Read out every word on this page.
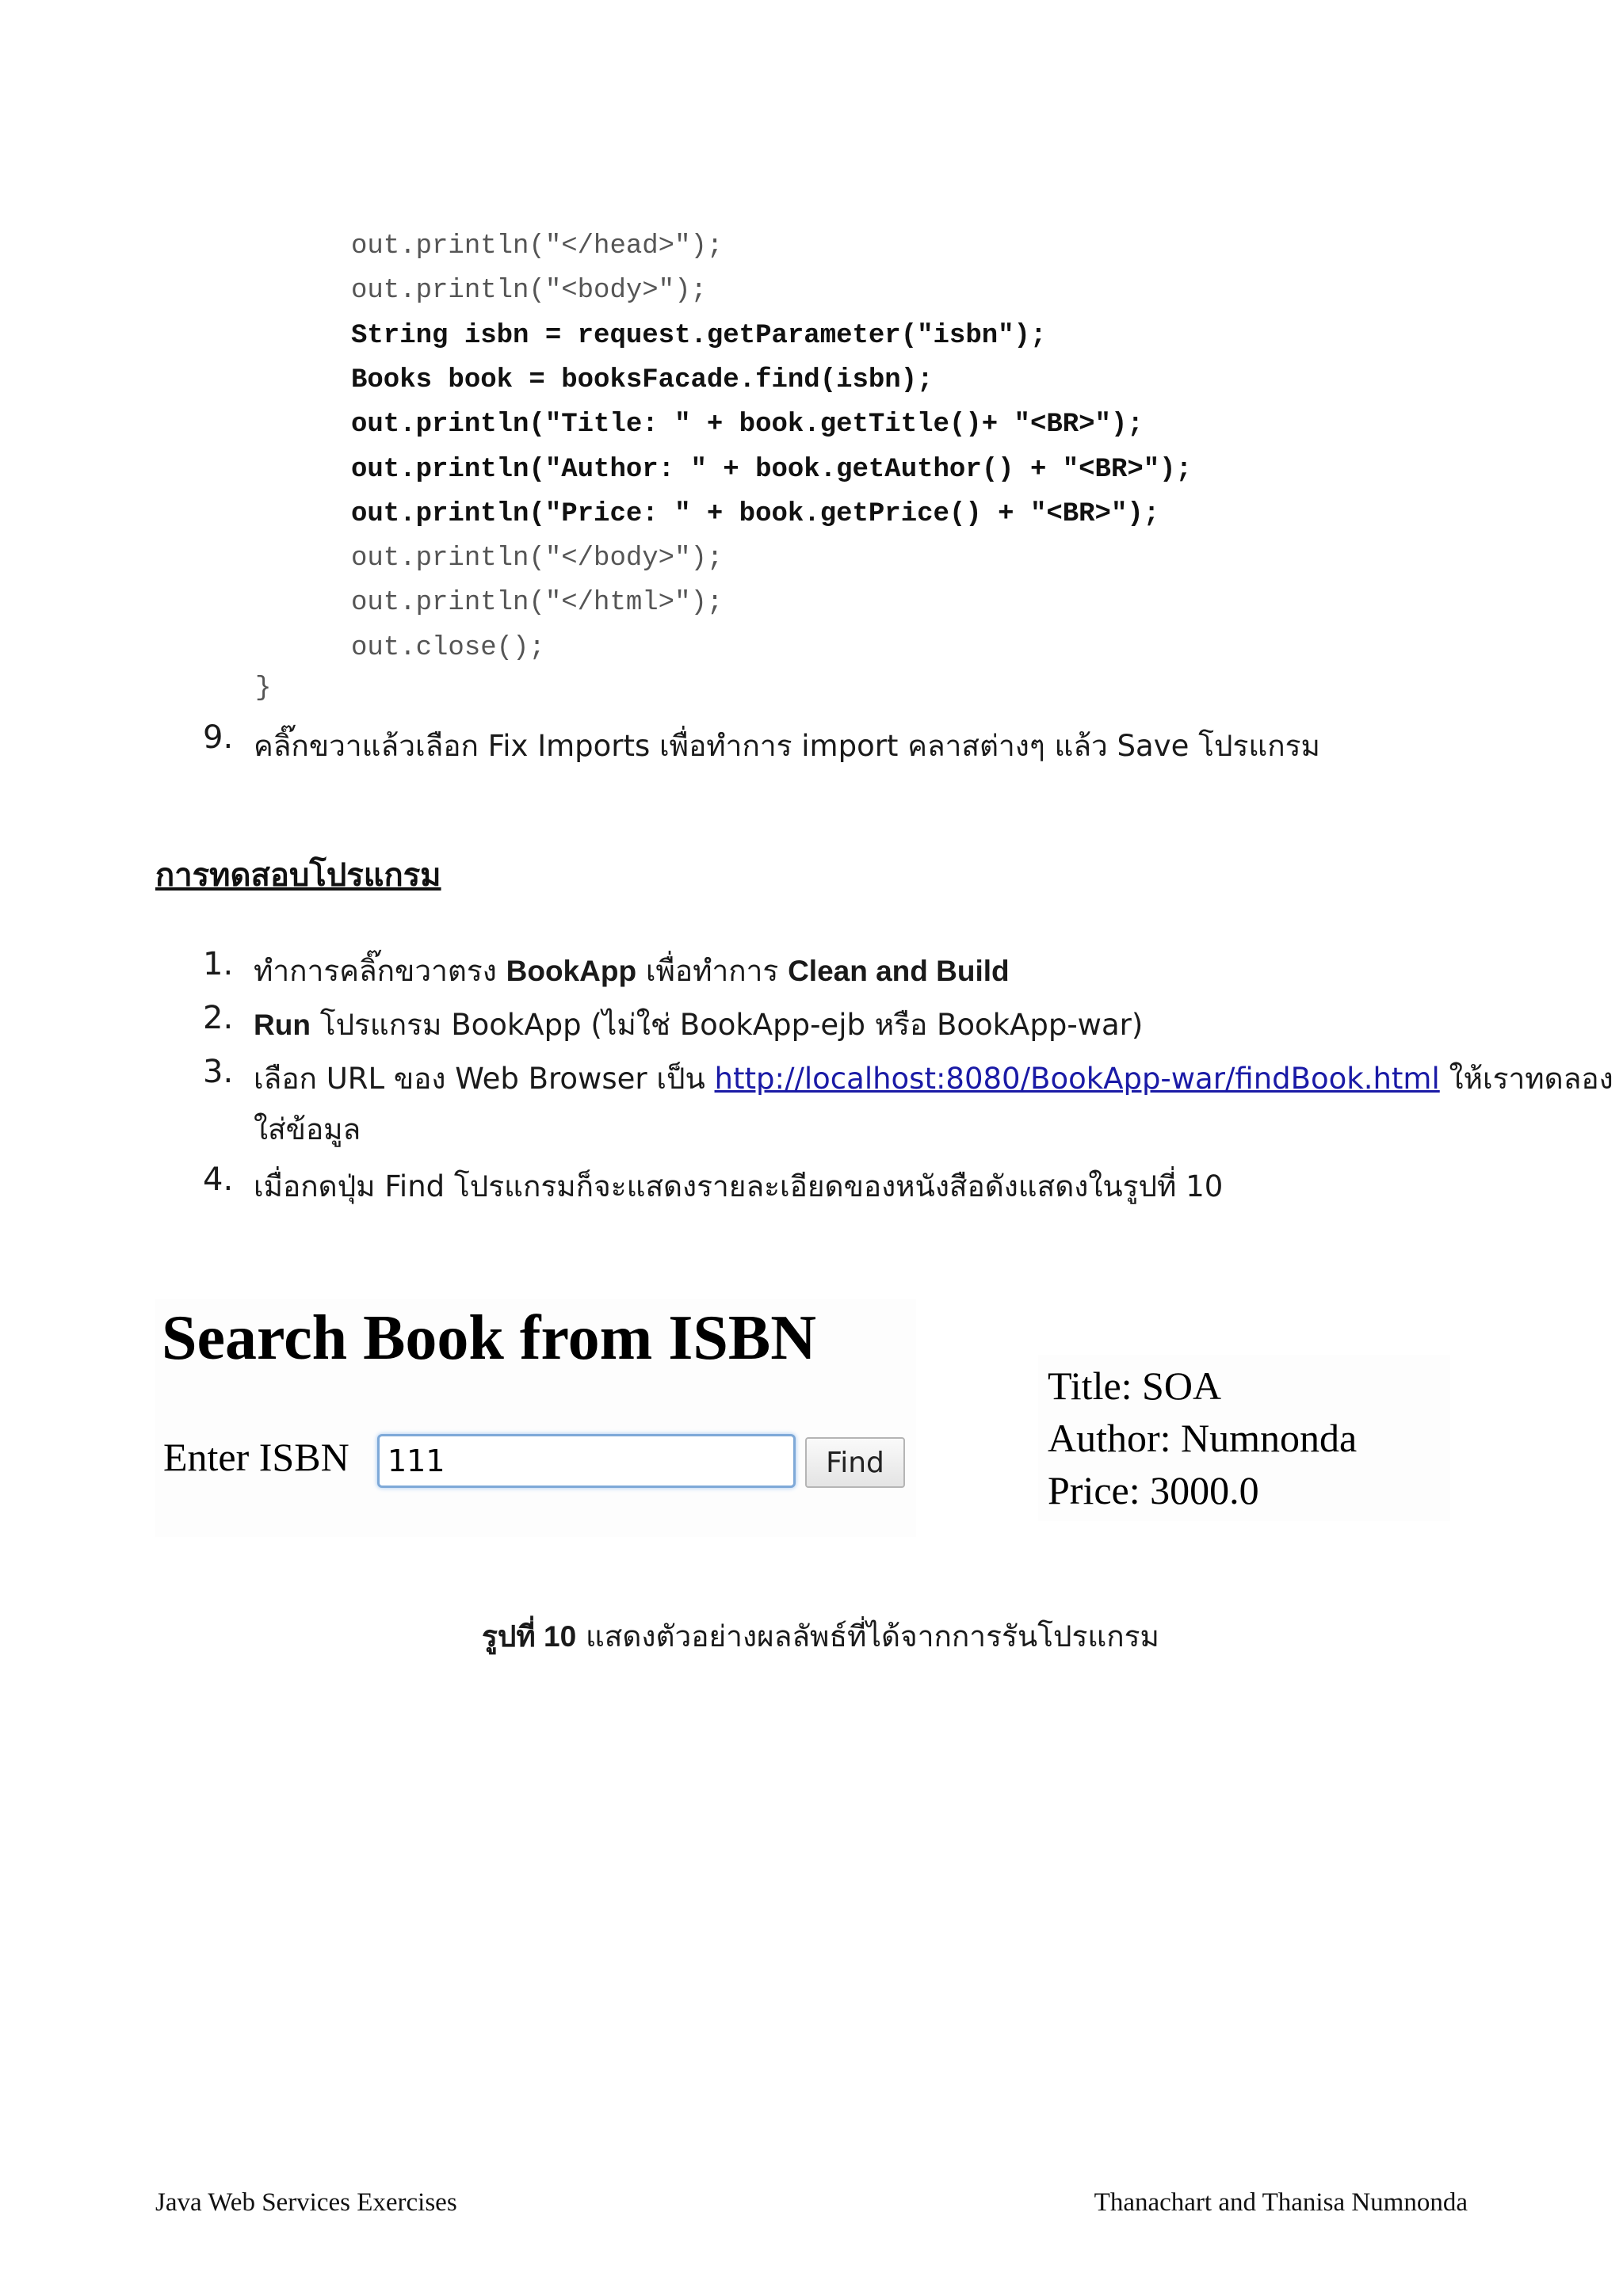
out.println("</head>");
out.println("<body>");
String isbn = request.getParameter("isbn");
Books book = booksFacade.find(isbn);
out.println("Title: " + book.getTitle()+ "<BR>");
out.println("Author: " + book.getAuthor() + "<BR>");
out.println("Price: " + book.getPrice() + "<BR>");
out.println("</body>");
out.println("</html>");
out.close();
}
9. คลิ๊กขวาแล้วเลือก Fix Imports เพื่อทำการ import คลาสต่างๆ แล้ว Save โปรแกรม
การทดสอบโปรแกรม
1. ทำการคลิ๊กขวาตรง BookApp เพื่อทำการ Clean and Build
2. Run โปรแกรม BookApp (ไม่ใช่ BookApp-ejb หรือ BookApp-war)
3. เลือก URL ของ Web Browser เป็น http://localhost:8080/BookApp-war/findBook.html ให้เราทดลอง
ใส่ข้อมูล
4. เมื่อกดปุ่ม Find โปรแกรมก็จะแสดงรายละเอียดของหนังสือดังแสดงในรูปที่ 10
Search Book from ISBN
Enter ISBN
111	Find
Title: SOA
Author: Numnonda
Price: 3000.0
รูปที่ 10 แสดงตัวอย่างผลลัพธ์ที่ได้จากการรันโปรแกรม
Java Web Services Exercises	Thanachart and Thanisa Numnonda
